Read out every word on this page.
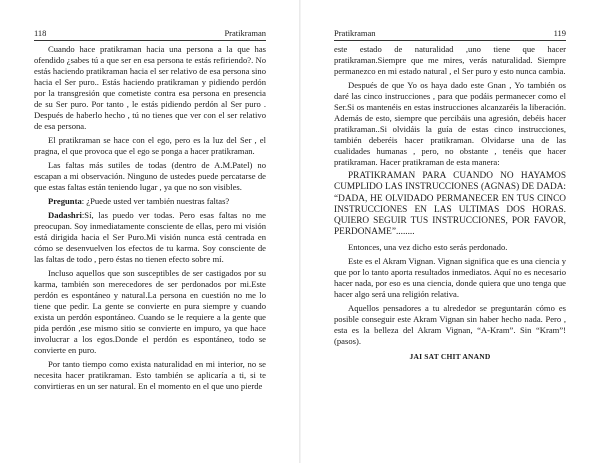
118	Pratikraman

Cuando hace pratikraman hacia una persona a la que has ofendido ¿sabes tú a que ser en esa persona te estás refiriendo?. No estás haciendo pratikraman hacia el ser relativo de esa persona sino hacia el Ser puro.. Estás haciendo pratikraman y pidiendo perdón por la transgresión que cometiste contra esa persona en presencia de su Ser puro. Por tanto , le estás pidiendo perdón al Ser puro . Después de haberlo hecho , tú no tienes que ver con el ser relativo de esa persona.

El pratikraman se hace con el ego, pero es la luz del Ser , el pragna, el que provoca que el ego se ponga a hacer pratikraman.

Las faltas más sutiles de todas (dentro de A.M.Patel) no escapan a mi observación. Ninguno de ustedes puede percatarse de que estas faltas están teniendo lugar , ya que no son visibles.

Pregunta: ¿Puede usted ver también nuestras faltas?

Dadashri:Sí, las puedo ver todas. Pero esas faltas no me preocupan. Soy inmediatamente consciente de ellas, pero mi visión está dirigida hacia el Ser Puro.Mi visión nunca está centrada en cómo se desenvuelven los efectos de tu karma. Soy consciente de las faltas de todo , pero éstas no tienen efecto sobre mí.

Incluso aquellos que son susceptibles de ser castigados por su karma, también son merecedores de ser perdonados por mi.Este perdón es espontáneo y natural.La persona en cuestión no me lo tiene que pedir. La gente se convierte en pura siempre y cuando exista un perdón espontáneo. Cuando se le requiere a la gente que pida perdón ,ese mismo sitio se convierte en impuro, ya que hace involucrar a los egos.Donde el perdón es espontáneo, todo se convierte en puro.

Por tanto tiempo como exista naturalidad en mi interior, no se necesita hacer pratikraman. Esto también se aplicaría a ti, si te convirtieras en un ser natural. En el momento en el que uno pierde

Pratikraman	119

este estado de naturalidad ,uno tiene que hacer pratikraman.Siempre que me mires, verás naturalidad. Siempre permanezco en mi estado natural , el Ser puro y esto nunca cambia.

Después de que Yo os haya dado este Gnan , Yo también os daré las cinco instrucciones , para que podáis permanecer como el Ser.Si os mantenéis en estas instrucciones alcanzaréis la liberación. Además de esto, siempre que percibáis una agresión, debéis hacer pratikraman..Si olvidáis la guía de estas cinco instrucciones, también deberéis hacer pratikraman. Olvidarse una de las cualidades humanas , pero, no obstante , tenéis que hacer pratikraman. Hacer pratikraman de esta manera:

PRATIKRAMAN PARA CUANDO NO HAYAMOS CUMPLIDO LAS INSTRUCCIONES (AGNAS) DE DADA: “DADA, HE OLVIDADO PERMANECER EN TUS CINCO INSTRUCCIONES EN LAS ULTIMAS DOS HORAS. QUIERO SEGUIR TUS INSTRUCCIONES, POR FAVOR, PERDONAME”........

Entonces, una vez dicho esto serás perdonado.

Este es el Akram Vignan. Vignan significa que es una ciencia y que por lo tanto aporta resultados inmediatos. Aquí no es necesario hacer nada, por eso es una ciencia, donde quiera que uno tenga que hacer algo será una religión relativa.

Aquellos pensadores a tu alrededor se preguntarán cómo es posible conseguir este Akram Vignan sin haber hecho nada. Pero , esta es la belleza del Akram Vignan, “A-Kram”. Sin “Kram”! (pasos).

JAI SAT CHIT ANAND
